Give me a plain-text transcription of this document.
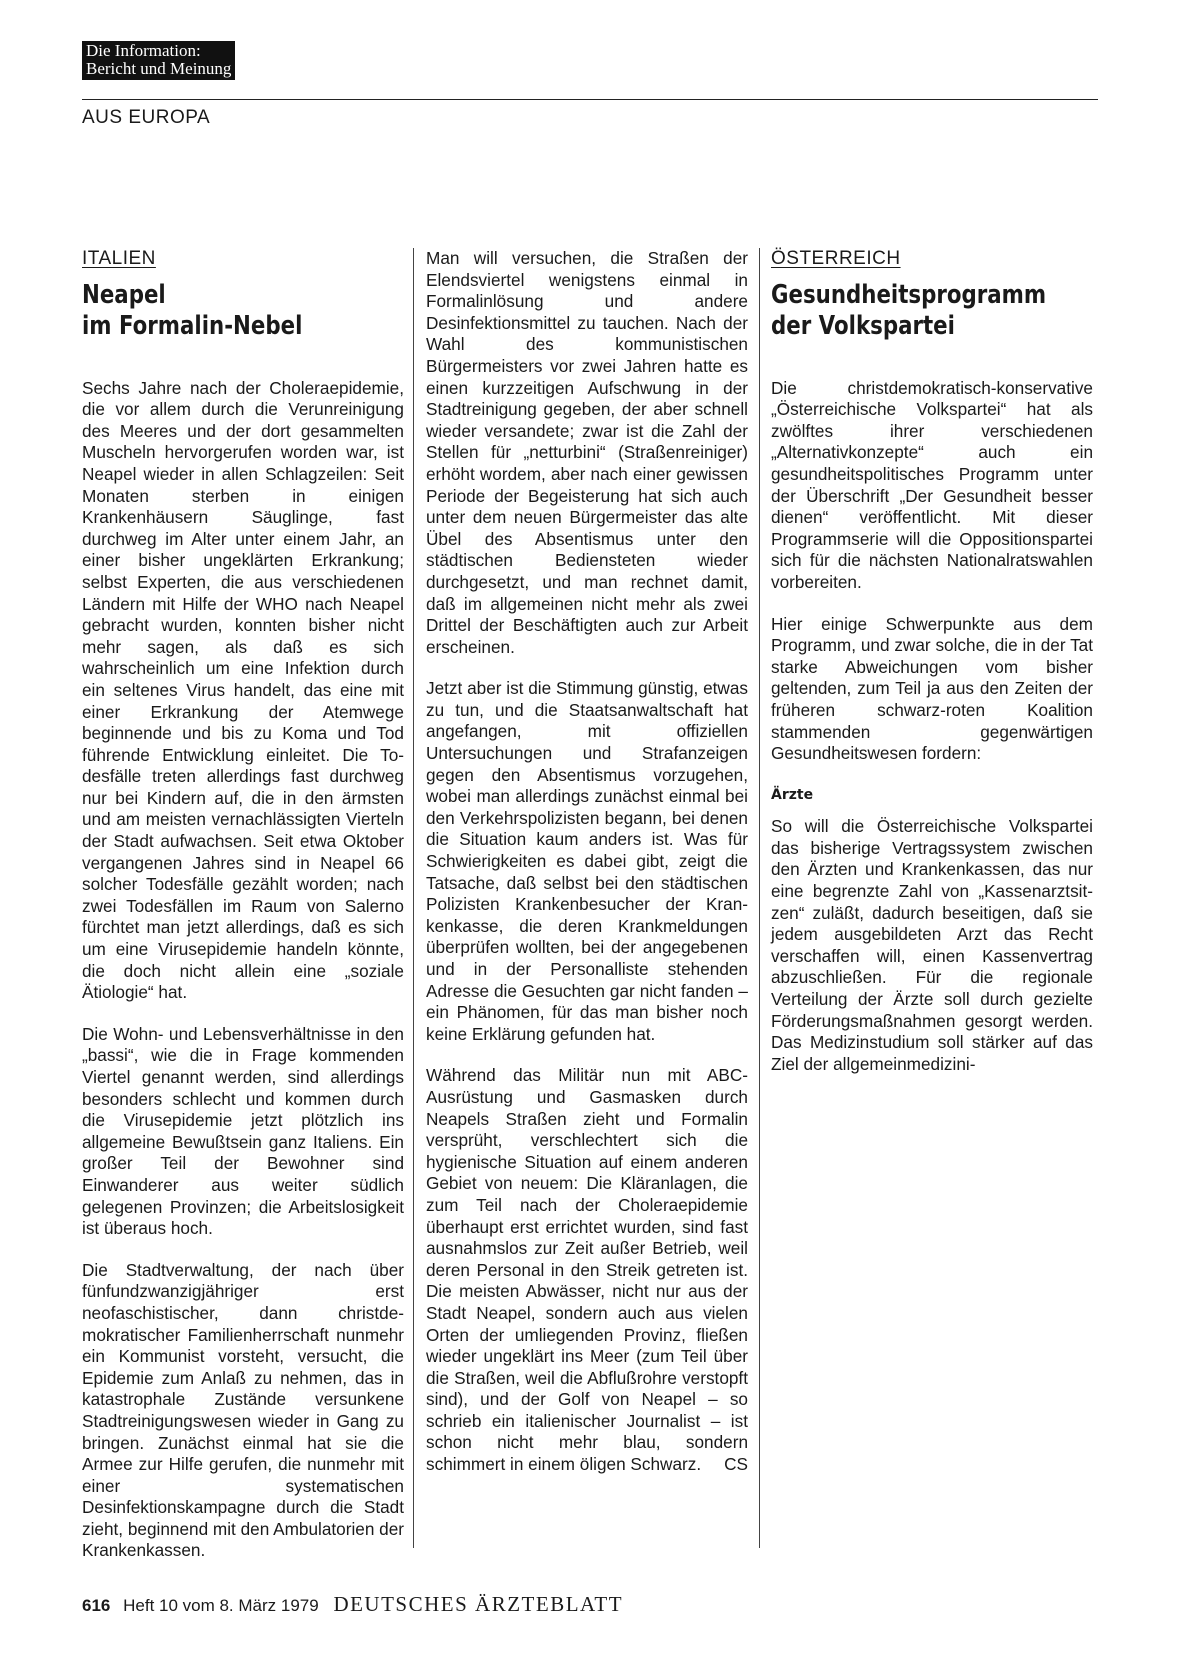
Die Information:
Bericht und Meinung
AUS EUROPA
ITALIEN
Neapel
im Formalin-Nebel

Sechs Jahre nach der Choleraepidemie, die vor allem durch die Verunreinigung des Meeres und der dort gesammelten Muscheln hervorgerufen worden war, ist Neapel wieder in allen Schlagzeilen: Seit Monaten sterben in einigen Krankenhäusern Säuglinge, fast durchweg im Alter unter einem Jahr, an einer bisher ungeklärten Erkrankung; selbst Experten, die aus verschiedenen Ländern mit Hilfe der WHO nach Neapel gebracht wurden, konnten bisher nicht mehr sagen, als daß es sich wahrscheinlich um eine Infektion durch ein seltenes Virus handelt, das eine mit einer Erkrankung der Atemwege beginnende und bis zu Koma und Tod führende Entwicklung einleitet. Die Todesfälle treten allerdings fast durchweg nur bei Kindern auf, die in den ärmsten und am meisten vernachlässigten Vierteln der Stadt aufwachsen. Seit etwa Oktober vergangenen Jahres sind in Neapel 66 solcher Todesfälle gezählt worden; nach zwei Todesfällen im Raum von Salerno fürchtet man jetzt allerdings, daß es sich um eine Virusepidemie handeln könnte, die doch nicht allein eine „soziale Ätiologie“ hat.

Die Wohn- und Lebensverhältnisse in den „bassi“, wie die in Frage kommenden Viertel genannt werden, sind allerdings besonders schlecht und kommen durch die Virusepidemie jetzt plötzlich ins allgemeine Bewußtsein ganz Italiens. Ein großer Teil der Bewohner sind Einwanderer aus weiter südlich gelegenen Provinzen; die Arbeitslosigkeit ist überaus hoch.

Die Stadtverwaltung, der nach über fünfundzwanzigjähriger erst neofaschistischer, dann christdemokratischer Familienherrschaft nunmehr ein Kommunist vorsteht, versucht, die Epidemie zum Anlaß zu nehmen, das in katastrophale Zustände versunkene Stadtreinigungswesen wieder in Gang zu bringen. Zunächst einmal hat sie die Armee zur Hilfe gerufen, die nunmehr mit einer systematischen Desinfektionskampagne durch die Stadt zieht, beginnend mit den Ambulatorien der Krankenkassen.

Man will versuchen, die Straßen der Elendsviertel wenigstens einmal in Formalinlösung und andere Desinfektionsmittel zu tauchen. Nach der Wahl des kommunistischen Bürgermeisters vor zwei Jahren hatte es einen kurzzeitigen Aufschwung in der Stadtreinigung gegeben, der aber schnell wieder versandete; zwar ist die Zahl der Stellen für „netturbini“ (Straßenreiniger) erhöht wordem, aber nach einer gewissen Periode der Begeisterung hat sich auch unter dem neuen Bürgermeister das alte Übel des Absentismus unter den städtischen Bediensteten wieder durchgesetzt, und man rechnet damit, daß im allgemeinen nicht mehr als zwei Drittel der Beschäftigten auch zur Arbeit erscheinen.

Jetzt aber ist die Stimmung günstig, etwas zu tun, und die Staatsanwaltschaft hat angefangen, mit offiziellen Untersuchungen und Strafanzeigen gegen den Absentismus vorzugehen, wobei man allerdings zunächst einmal bei den Verkehrspolizisten begann, bei denen die Situation kaum anders ist. Was für Schwierigkeiten es dabei gibt, zeigt die Tatsache, daß selbst bei den städtischen Polizisten Krankenbesucher der Krankenkasse, die deren Krankmeldungen überprüfen wollten, bei der angegebenen und in der Personalliste stehenden Adresse die Gesuchten gar nicht fanden – ein Phänomen, für das man bisher noch keine Erklärung gefunden hat.

Während das Militär nun mit ABC-Ausrüstung und Gasmasken durch Neapels Straßen zieht und Formalin versprüht, verschlechtert sich die hygienische Situation auf einem anderen Gebiet von neuem: Die Kläranlagen, die zum Teil nach der Choleraepidemie überhaupt erst errichtet wurden, sind fast ausnahmslos zur Zeit außer Betrieb, weil deren Personal in den Streik getreten ist. Die meisten Abwässer, nicht nur aus der Stadt Neapel, sondern auch aus vielen Orten der umliegenden Provinz, fließen wieder ungeklärt ins Meer (zum Teil über die Straßen, weil die Abflußrohre verstopft sind), und der Golf von Neapel – so schrieb ein italienischer Journalist – ist schon nicht mehr blau, sondern schimmert in einem öligen Schwarz. CS

ÖSTERREICH
Gesundheitsprogramm
der Volkspartei

Die christdemokratisch-konservative „Österreichische Volkspartei“ hat als zwölftes ihrer verschiedenen „Alternativkonzepte“ auch ein gesundheitspolitisches Programm unter der Überschrift „Der Gesundheit besser dienen“ veröffentlicht. Mit dieser Programmserie will die Oppositionspartei sich für die nächsten Nationalratswahlen vorbereiten.

Hier einige Schwerpunkte aus dem Programm, und zwar solche, die in der Tat starke Abweichungen vom bisher geltenden, zum Teil ja aus den Zeiten der früheren schwarz-roten Koalition stammenden gegenwärtigen Gesundheitswesen fordern:

Ärzte

So will die Österreichische Volkspartei das bisherige Vertragssystem zwischen den Ärzten und Krankenkassen, das nur eine begrenzte Zahl von „Kassenarztsitzen“ zuläßt, dadurch beseitigen, daß sie jedem ausgebildeten Arzt das Recht verschaffen will, einen Kassenvertrag abzuschließen. Für die regionale Verteilung der Ärzte soll durch gezielte Förderungsmaßnahmen gesorgt werden. Das Medizinstudium soll stärker auf das Ziel der allgemeinmedizini-

616 Heft 10 vom 8. März 1979 DEUTSCHES ÄRZTEBLATT
